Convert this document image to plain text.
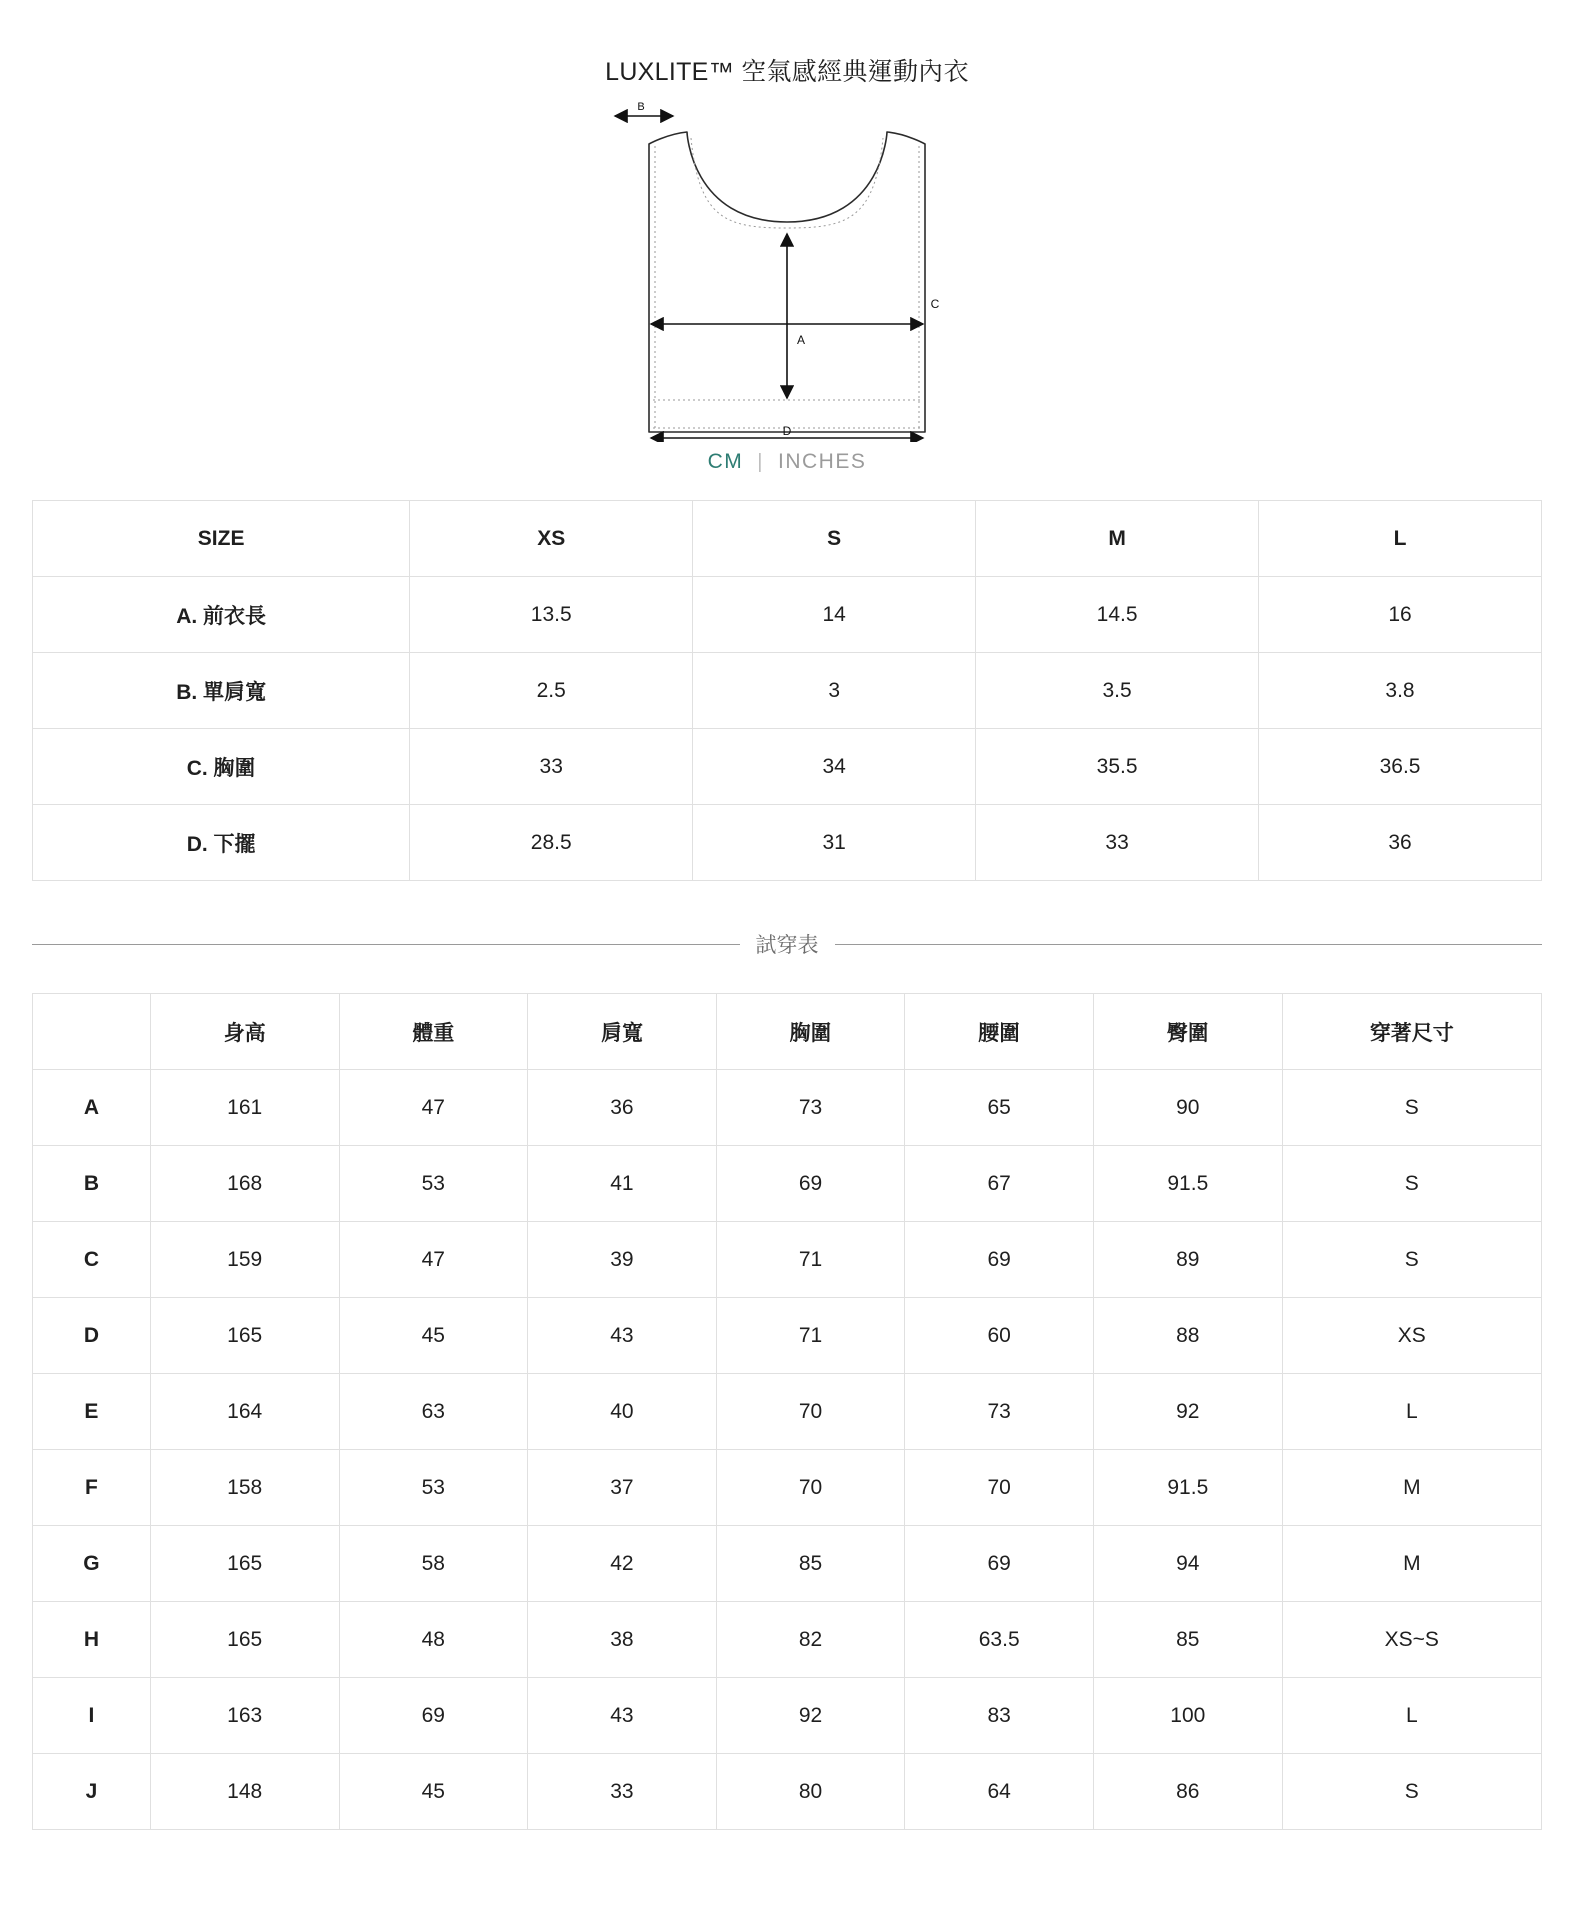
LUXLITE™ 空氣感經典運動內衣
B
A
C
D
CM | INCHES
SIZE	XS	S	M	L
A. 前衣長	13.5	14	14.5	16
B. 單肩寬	2.5	3	3.5	3.8
C. 胸圍	33	34	35.5	36.5
D. 下擺	28.5	31	33	36
試穿表
	身高	體重	肩寬	胸圍	腰圍	臀圍	穿著尺寸
A	161	47	36	73	65	90	S
B	168	53	41	69	67	91.5	S
C	159	47	39	71	69	89	S
D	165	45	43	71	60	88	XS
E	164	63	40	70	73	92	L
F	158	53	37	70	70	91.5	M
G	165	58	42	85	69	94	M
H	165	48	38	82	63.5	85	XS~S
I	163	69	43	92	83	100	L
J	148	45	33	80	64	86	S
